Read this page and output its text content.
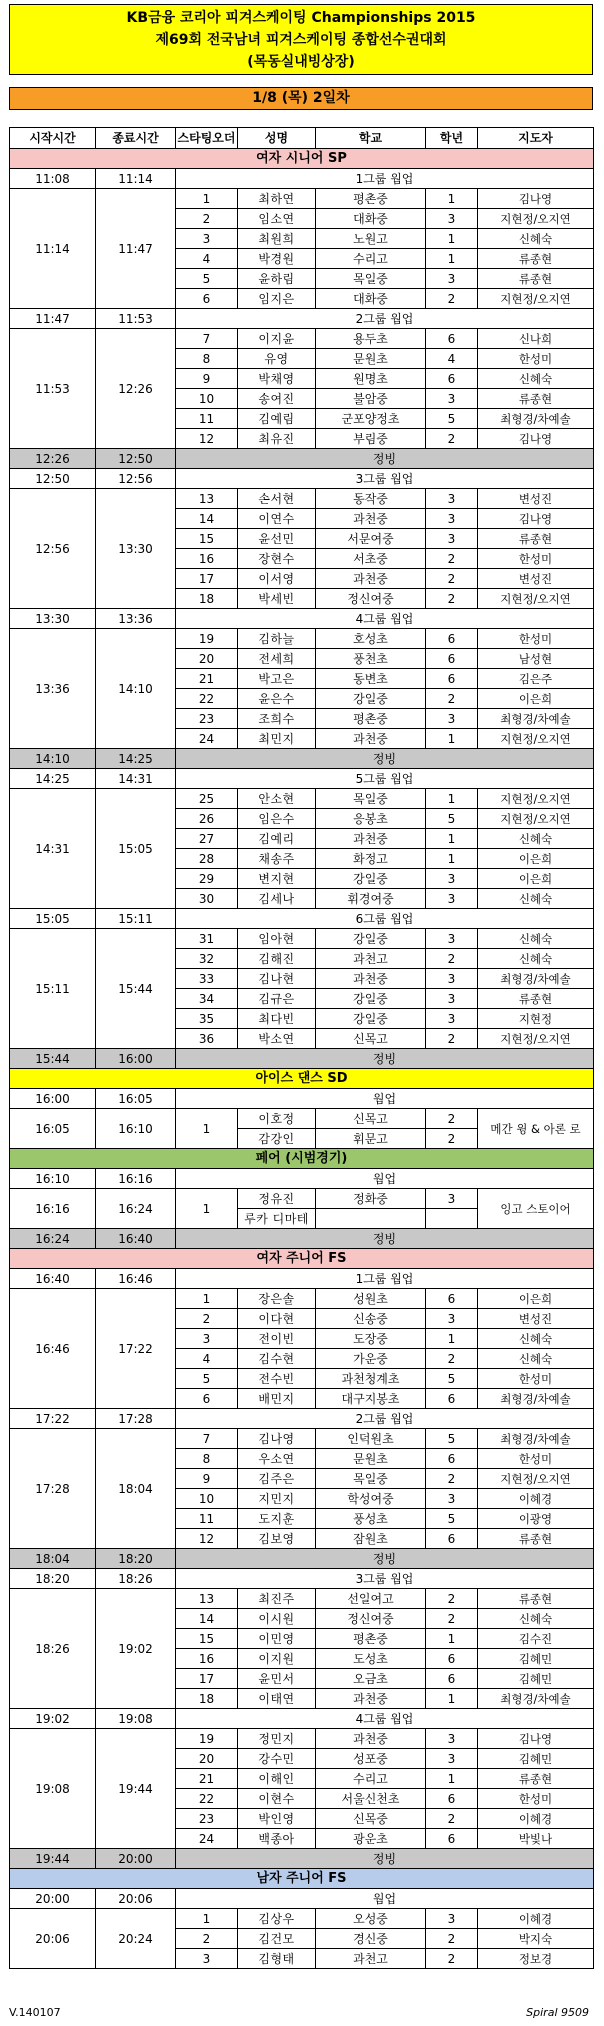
KB금융 코리아 피겨스케이팅 Championships 2015
제69회 전국남녀 피겨스케이팅 종합선수권대회
(목동실내빙상장)
1/8 (목) 2일차
시작시간	종료시간	스타팅오더	성명	학교	학년	지도자
여자 시니어 SP						
11:08	11:14	1그룹 웜업				
11:14	11:47	1	최하연	평촌중	1	김나영
		2	임소연	대화중	3	지현정/오지연
		3	최원희	노원고	1	신혜숙
		4	박경원	수리고	1	류종현
		5	윤하림	목일중	3	류종현
		6	임지은	대화중	2	지현정/오지연
11:47	11:53	2그룹 웜업				
11:53	12:26	7	이지윤	용두초	6	신나희
		8	유영	문원초	4	한성미
		9	박채영	원명초	6	신혜숙
		10	송여진	불암중	3	류종현
		11	김예림	군포양정초	5	최형경/차예솔
		12	최유진	부림중	2	김나영
12:26	12:50	정빙				
12:50	12:56	3그룹 웜업				
12:56	13:30	13	손서현	동작중	3	변성진
		14	이연수	과천중	3	김나영
		15	윤선민	서문여중	3	류종현
		16	장현수	서초중	2	한성미
		17	이서영	과천중	2	변성진
		18	박세빈	정신여중	2	지현정/오지연
13:30	13:36	4그룹 웜업				
13:36	14:10	19	김하늘	호성초	6	한성미
		20	전세희	풍천초	6	남성현
		21	박고은	동변초	6	김은주
		22	윤은수	강일중	2	이은희
		23	조희수	평촌중	3	최형경/차예솔
		24	최민지	과천중	1	지현정/오지연
14:10	14:25	정빙				
14:25	14:31	5그룹 웜업				
14:31	15:05	25	안소현	목일중	1	지현정/오지연
		26	임은수	응봉초	5	지현정/오지연
		27	김예리	과천중	1	신혜숙
		28	채송주	화정고	1	이은희
		29	변지현	강일중	3	이은희
		30	김세나	휘경여중	3	신혜숙
15:05	15:11	6그룹 웜업				
15:11	15:44	31	임아현	강일중	3	신혜숙
		32	김해진	과천고	2	신혜숙
		33	김나현	과천중	3	최형경/차예솔
		34	김규은	강일중	3	류종현
		35	최다빈	강일중	3	지현정
		36	박소연	신목고	2	지현정/오지연
15:44	16:00	정빙				
아이스 댄스 SD						
16:00	16:05	웜업				
16:05	16:10	1	이호정	신목고	2	메간 윙 & 아론 로
			감강인	휘문고	2	
페어 (시범경기)						
16:10	16:16	웜업				
16:16	16:24	1	정유진	정화중	3	잉고 스토이어
			루카 디마테			
16:24	16:40	정빙				
여자 주니어 FS						
16:40	16:46	1그룹 웜업				
16:46	17:22	1	장은솔	성원초	6	이은희
		2	이다현	신송중	3	변성진
		3	전이빈	도장중	1	신혜숙
		4	김수현	가운중	2	신혜숙
		5	전수빈	과천청계초	5	한성미
		6	배민지	대구지봉초	6	최형경/차예솔
17:22	17:28	2그룹 웜업				
17:28	18:04	7	김나영	인덕원초	5	최형경/차예솔
		8	우소연	문원초	6	한성미
		9	김주은	목일중	2	지현정/오지연
		10	지민지	학성여중	3	이혜경
		11	도지훈	풍성초	5	이광영
		12	김보영	잠원초	6	류종현
18:04	18:20	정빙				
18:20	18:26	3그룹 웜업				
18:26	19:02	13	최진주	선일여고	2	류종현
		14	이시원	정신여중	2	신혜숙
		15	이민영	평촌중	1	김수진
		16	이지원	도성초	6	김혜민
		17	윤민서	오금초	6	김혜민
		18	이태연	과천중	1	최형경/차예솔
19:02	19:08	4그룹 웜업				
19:08	19:44	19	정민지	과천중	3	김나영
		20	강수민	성포중	3	김혜민
		21	이해인	수리고	1	류종현
		22	이현수	서울신천초	6	한성미
		23	박인영	신목중	2	이혜경
		24	백종아	광운초	6	박빛나
19:44	20:00	정빙				
남자 주니어 FS						
20:00	20:06	웜업				
20:06	20:24	1	김상우	오성중	3	이혜경
		2	김건모	경신중	2	박지숙
		3	김형태	과천고	2	정보경
V.140107	Spiral 9509
